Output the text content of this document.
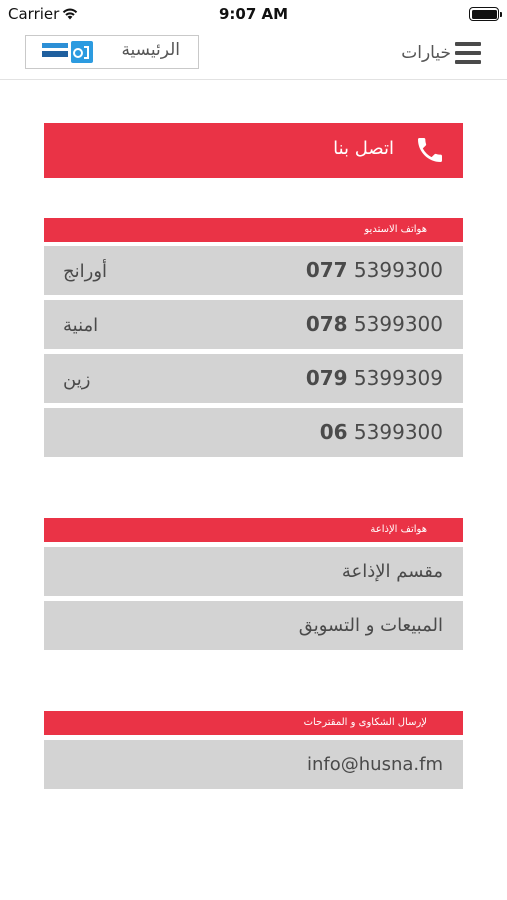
Carrier	9:07 AM
الرئيسية	خيارات
اتصل بنا
هواتف الاستديو
أورانج	077 5399300
امنية	078 5399300
زين	079 5399309
06 5399300
هواتف الإذاعة
مقسم الإذاعة
المبيعات و التسويق
لإرسال الشكاوى و المقترحات
info@husna.fm
